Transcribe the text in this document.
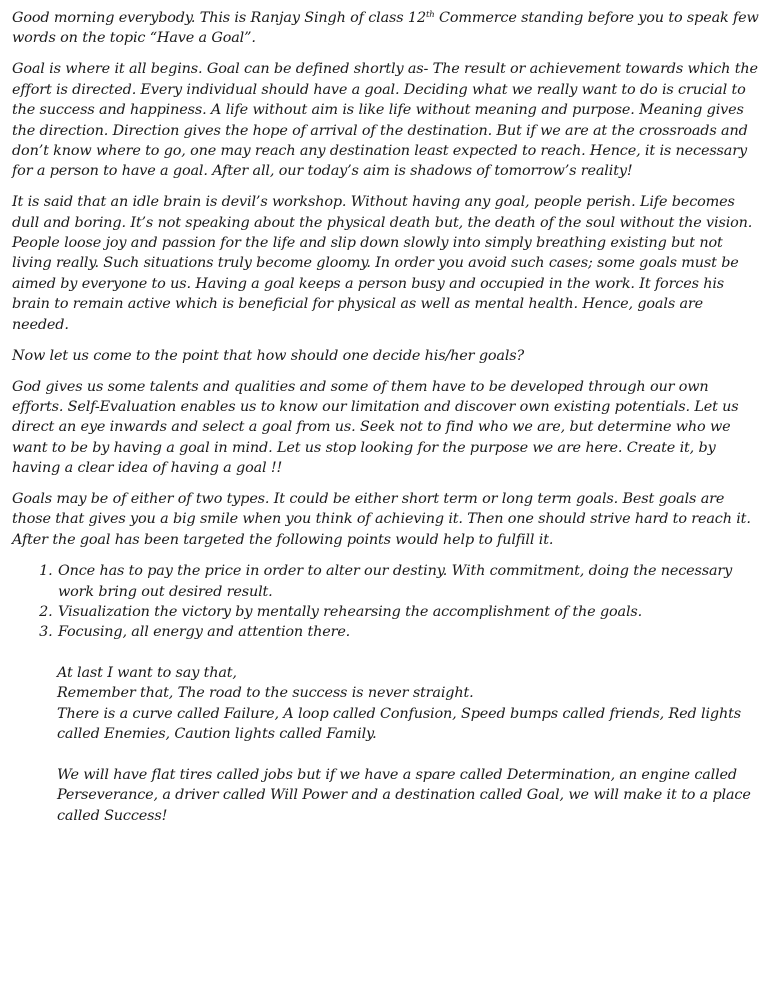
Good morning everybody. This is Ranjay Singh of class 12th Commerce standing before you to speak few words on the topic “Have a Goal”.

Goal is where it all begins. Goal can be defined shortly as- The result or achievement towards which the effort is directed. Every individual should have a goal. Deciding what we really want to do is crucial to the success and happiness. A life without aim is like life without meaning and purpose. Meaning gives the direction. Direction gives the hope of arrival of the destination. But if we are at the crossroads and don’t know where to go, one may reach any destination least expected to reach. Hence, it is necessary for a person to have a goal. After all, our today’s aim is shadows of tomorrow’s reality!

It is said that an idle brain is devil’s workshop. Without having any goal, people perish. Life becomes dull and boring. It’s not speaking about the physical death but, the death of the soul without the vision. People loose joy and passion for the life and slip down slowly into simply breathing existing but not living really. Such situations truly become gloomy. In order you avoid such cases; some goals must be aimed by everyone to us. Having a goal keeps a person busy and occupied in the work. It forces his brain to remain active which is beneficial for physical as well as mental health. Hence, goals are needed.

Now let us come to the point that how should one decide his/her goals?

God gives us some talents and qualities and some of them have to be developed through our own efforts. Self-Evaluation enables us to know our limitation and discover own existing potentials. Let us direct an eye inwards and select a goal from us. Seek not to find who we are, but determine who we want to be by having a goal in mind. Let us stop looking for the purpose we are here. Create it, by having a clear idea of having a goal !!

Goals may be of either of two types. It could be either short term or long term goals. Best goals are those that gives you a big smile when you think of achieving it. Then one should strive hard to reach it. After the goal has been targeted the following points would help to fulfill it.

1. Once has to pay the price in order to alter our destiny. With commitment, doing the necessary work bring out desired result.
2. Visualization the victory by mentally rehearsing the accomplishment of the goals.
3. Focusing, all energy and attention there.

At last I want to say that,

Remember that, The road to the success is never straight.

There is a curve called Failure, A loop called Confusion, Speed bumps called friends, Red lights called Enemies, Caution lights called Family.

We will have flat tires called jobs but if we have a spare called Determination, an engine called Perseverance, a driver called Will Power and a destination called Goal, we will make it to a place called Success!
